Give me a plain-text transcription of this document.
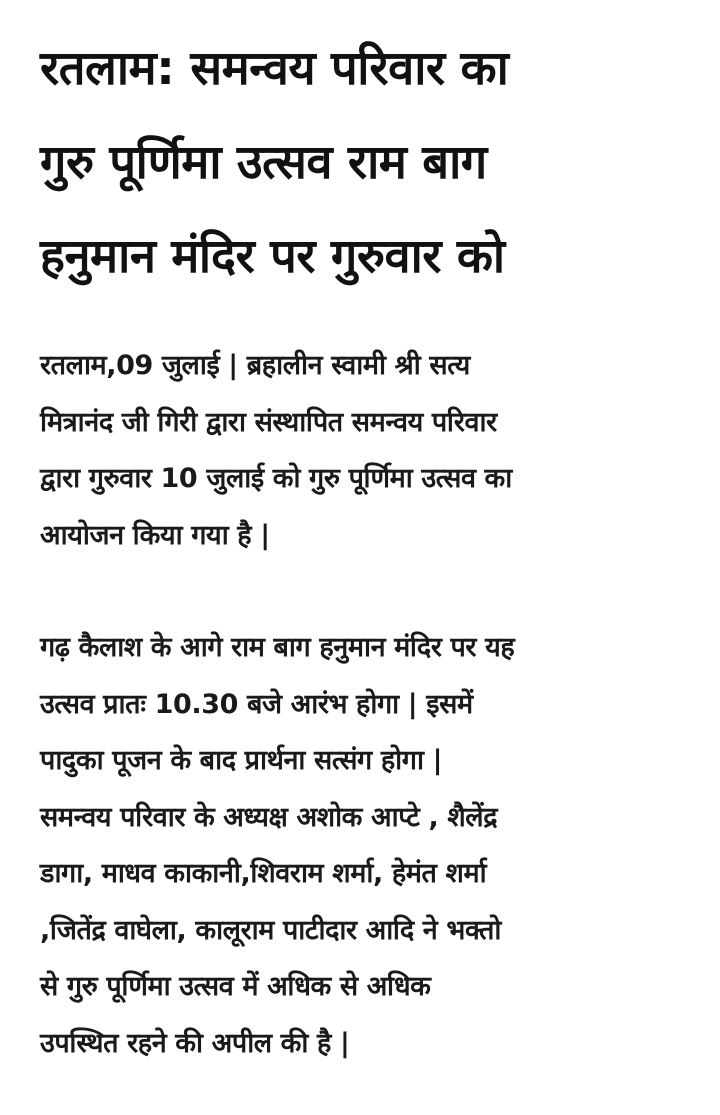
रतलाम: समन्वय परिवार का
गुरु पूर्णिमा उत्सव राम बाग
हनुमान मंदिर पर गुरुवार को

रतलाम,09 जुलाई | ब्रहालीन स्वामी श्री सत्य
मित्रानंद जी गिरी द्वारा संस्थापित समन्वय परिवार
द्वारा गुरुवार 10 जुलाई को गुरु पूर्णिमा उत्सव का
आयोजन किया गया है |

गढ़ कैलाश के आगे राम बाग हनुमान मंदिर पर यह
उत्सव प्रातः 10.30 बजे आरंभ होगा | इसमें
पादुका पूजन के बाद प्रार्थना सत्संग होगा |
समन्वय परिवार के अध्यक्ष अशोक आप्टे , शैलेंद्र
डागा, माधव काकानी,शिवराम शर्मा, हेमंत शर्मा
,जितेंद्र वाघेला, कालूराम पाटीदार आदि ने भक्तो
से गुरु पूर्णिमा उत्सव में अधिक से अधिक
उपस्थित रहने की अपील की है |
